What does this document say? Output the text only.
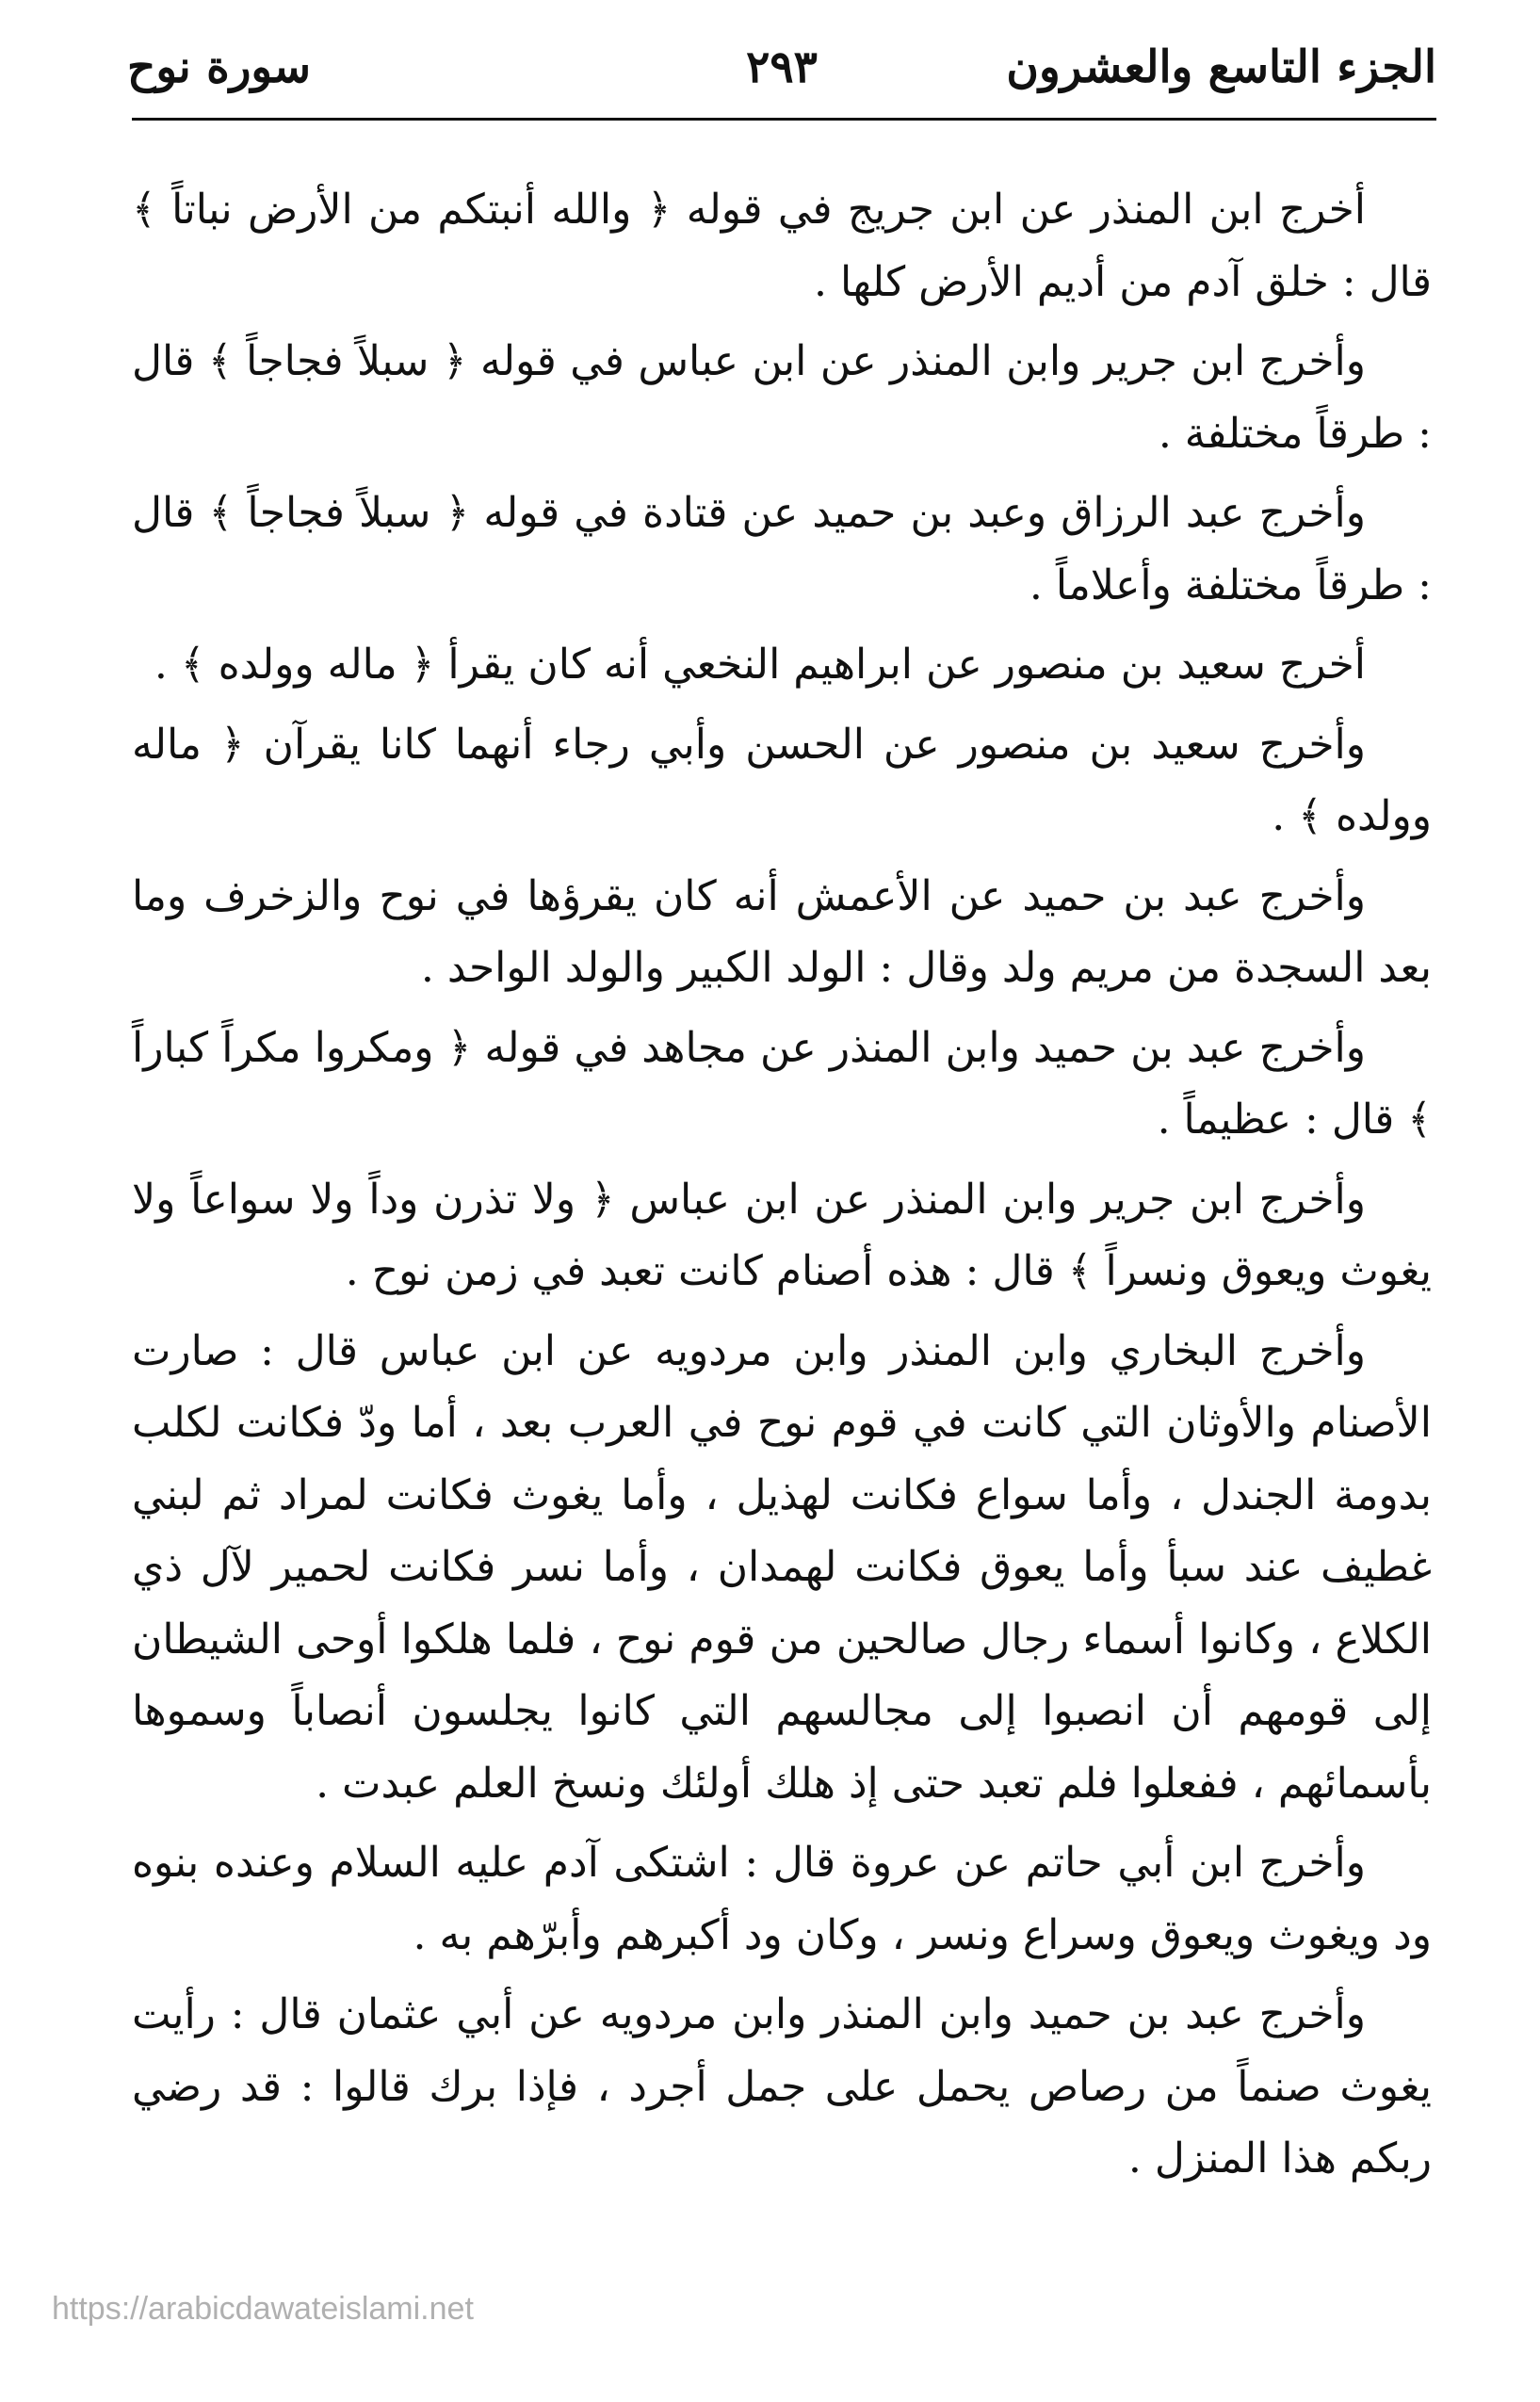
الجزء التاسع والعشرون
٢٩٣
سورة نوح

أخرج ابن المنذر عن ابن جريج في قوله ﴿ والله أنبتكم من الأرض نباتاً ﴾ قال : خلق آدم من أديم الأرض كلها .

وأخرج ابن جرير وابن المنذر عن ابن عباس في قوله ﴿ سبلاً فجاجاً ﴾ قال : طرقاً مختلفة .

وأخرج عبد الرزاق وعبد بن حميد عن قتادة في قوله ﴿ سبلاً فجاجاً ﴾ قال : طرقاً مختلفة وأعلاماً .

أخرج سعيد بن منصور عن ابراهيم النخعي أنه كان يقرأ ﴿ ماله وولده ﴾ .

وأخرج سعيد بن منصور عن الحسن وأبي رجاء أنهما كانا يقرآن ﴿ ماله وولده ﴾ .

وأخرج عبد بن حميد عن الأعمش أنه كان يقرؤها في نوح والزخرف وما بعد السجدة من مريم ولد وقال : الولد الكبير والولد الواحد .

وأخرج عبد بن حميد وابن المنذر عن مجاهد في قوله ﴿ ومكروا مكراً كباراً ﴾ قال : عظيماً .

وأخرج ابن جرير وابن المنذر عن ابن عباس ﴿ ولا تذرن وداً ولا سواعاً ولا يغوث ويعوق ونسراً ﴾ قال : هذه أصنام كانت تعبد في زمن نوح .

وأخرج البخاري وابن المنذر وابن مردويه عن ابن عباس قال : صارت الأصنام والأوثان التي كانت في قوم نوح في العرب بعد ، أما ودّ فكانت لكلب بدومة الجندل ، وأما سواع فكانت لهذيل ، وأما يغوث فكانت لمراد ثم لبني غطيف عند سبأ وأما يعوق فكانت لهمدان ، وأما نسر فكانت لحمير لآل ذي الكلاع ، وكانوا أسماء رجال صالحين من قوم نوح ، فلما هلكوا أوحى الشيطان إلى قومهم أن انصبوا إلى مجالسهم التي كانوا يجلسون أنصاباً وسموها بأسمائهم ، ففعلوا فلم تعبد حتى إذ هلك أولئك ونسخ العلم عبدت .

وأخرج ابن أبي حاتم عن عروة قال : اشتكى آدم عليه السلام وعنده بنوه ود ويغوث ويعوق وسراع ونسر ، وكان ود أكبرهم وأبرّهم به .

وأخرج عبد بن حميد وابن المنذر وابن مردويه عن أبي عثمان قال : رأيت يغوث صنماً من رصاص يحمل على جمل أجرد ، فإذا برك قالوا : قد رضي ربكم هذا المنزل .

https://arabicdawateislami.net
